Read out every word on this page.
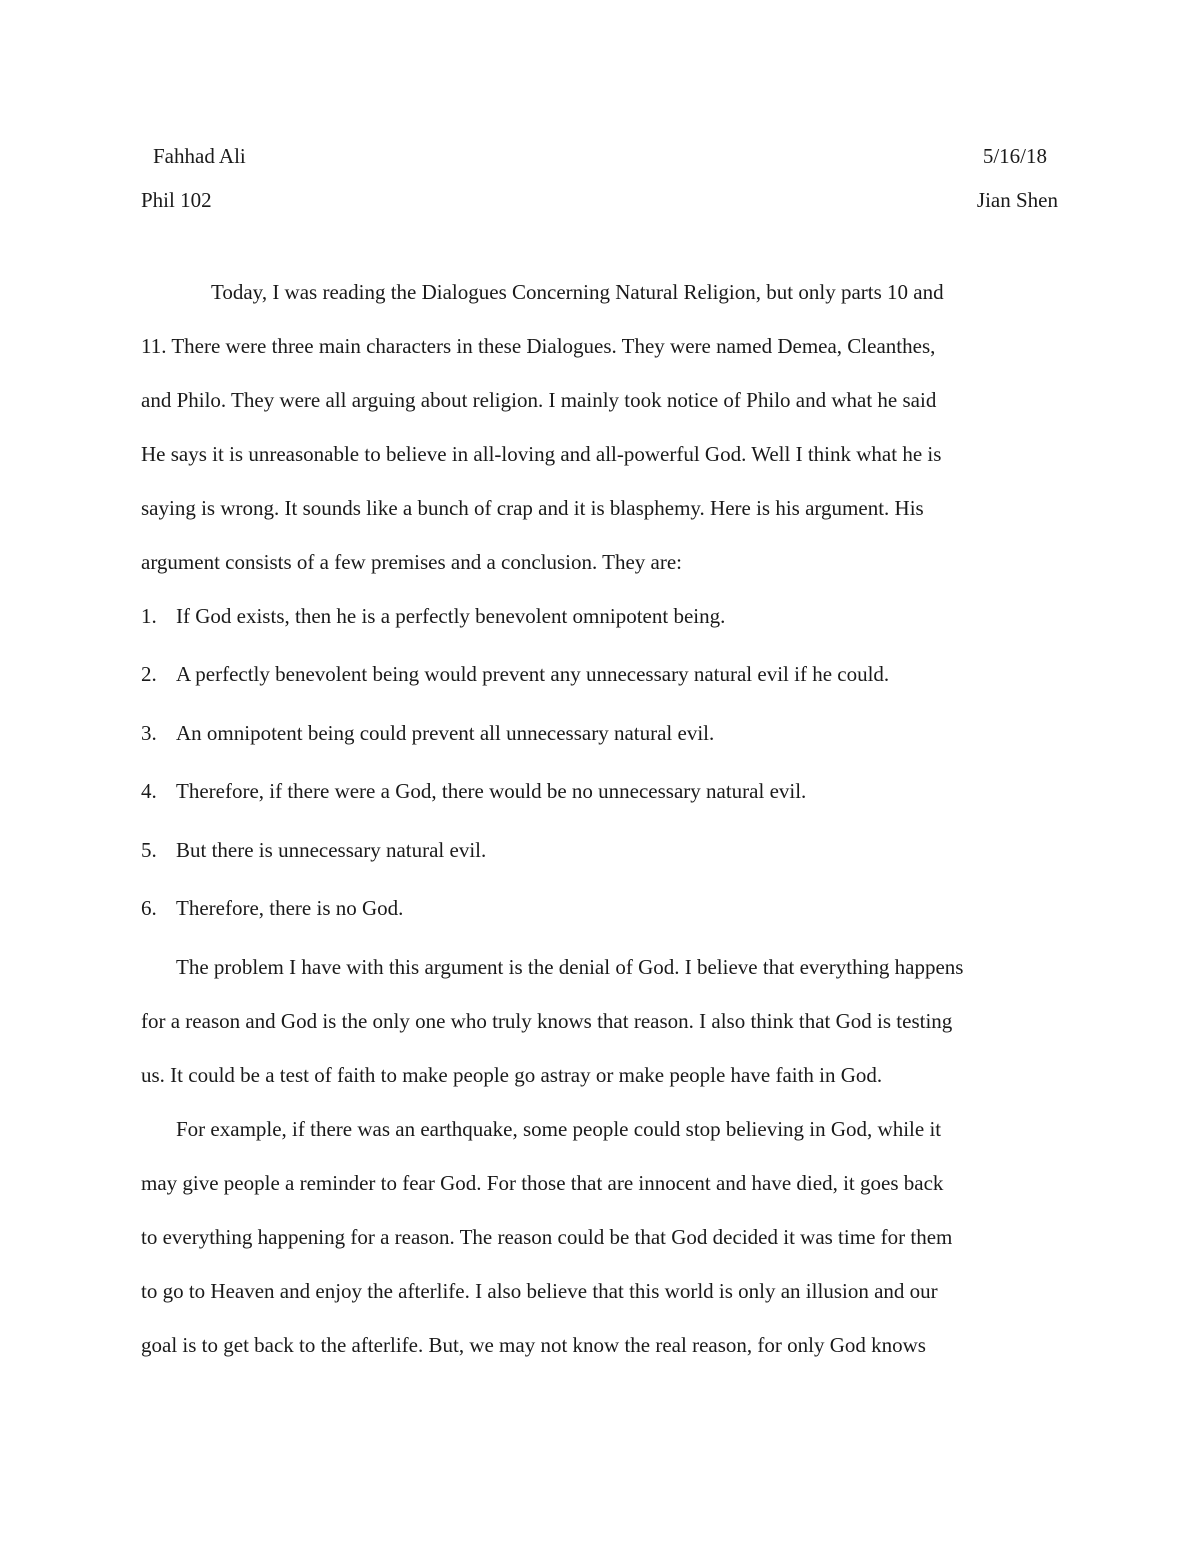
Fahhad Ali	5/16/18
Phil 102	Jian Shen
Today, I was reading the Dialogues Concerning Natural Religion, but only parts 10 and
11. There were three main characters in these Dialogues. They were named Demea, Cleanthes,
and Philo. They were all arguing about religion. I mainly took notice of Philo and what he said
He says it is unreasonable to believe in all-loving and all-powerful God. Well I think what he is
saying is wrong. It sounds like a bunch of crap and it is blasphemy. Here is his argument. His
argument consists of a few premises and a conclusion. They are:
1. If God exists, then he is a perfectly benevolent omnipotent being.
2. A perfectly benevolent being would prevent any unnecessary natural evil if he could.
3. An omnipotent being could prevent all unnecessary natural evil.
4. Therefore, if there were a God, there would be no unnecessary natural evil.
5. But there is unnecessary natural evil.
6. Therefore, there is no God.
The problem I have with this argument is the denial of God. I believe that everything happens
for a reason and God is the only one who truly knows that reason. I also think that God is testing
us. It could be a test of faith to make people go astray or make people have faith in God.
For example, if there was an earthquake, some people could stop believing in God, while it
may give people a reminder to fear God. For those that are innocent and have died, it goes back
to everything happening for a reason. The reason could be that God decided it was time for them
to go to Heaven and enjoy the afterlife. I also believe that this world is only an illusion and our
goal is to get back to the afterlife. But, we may not know the real reason, for only God knows
